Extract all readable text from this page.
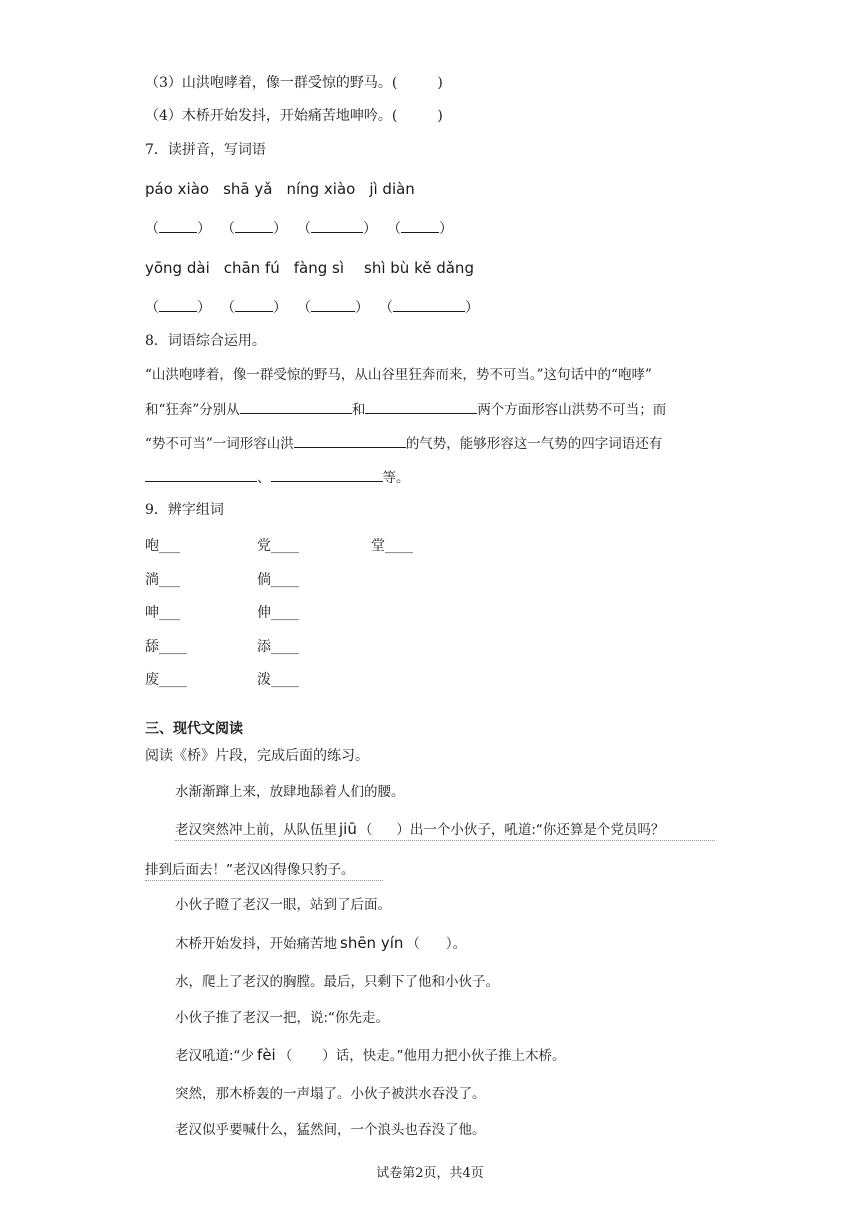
（3）山洪咆哮着，像一群受惊的野马。(	)
（4）木桥开始发抖，开始痛苦地呻吟。(	)
7．读拼音，写词语
páo xiào shā yǎ níng xiào jì diàn
（	） （	） （	） （	）
yōng dài chān fú fàng sì shì bù kě dǎng
（	） （	） （	） （	）
8．词语综合运用。
“山洪咆哮着，像一群受惊的野马，从山谷里狂奔而来，势不可当。”这句话中的“咆哮”
和“狂奔”分别从	和	两个方面形容山洪势不可当；而
“势不可当”一词形容山洪	的气势，能够形容这一气势的四字词语还有
、	等。
9．辨字组词
咆___	党____	堂____
淌___	倘____
呻___	伸____
舔____	添____
废____	泼____
三、现代文阅读
阅读《桥》片段，完成后面的练习。
水渐渐蹿上来，放肆地舔着人们的腰。
老汉突然冲上前，从队伍里 jiū （ ）出一个小伙子，吼道:“你还算是个党员吗？
排到后面去！”老汉凶得像只豹子。
小伙子瞪了老汉一眼，站到了后面。
木桥开始发抖，开始痛苦地 shēn yín （ ）。
水，爬上了老汉的胸膛。最后，只剩下了他和小伙子。
小伙子推了老汉一把，说:“你先走。
老汉吼道:“少 fèi （ ）话，快走。”他用力把小伙子推上木桥。
突然，那木桥轰的一声塌了。小伙子被洪水吞没了。
老汉似乎要喊什么，猛然间，一个浪头也吞没了他。
试卷第2页，共4页
